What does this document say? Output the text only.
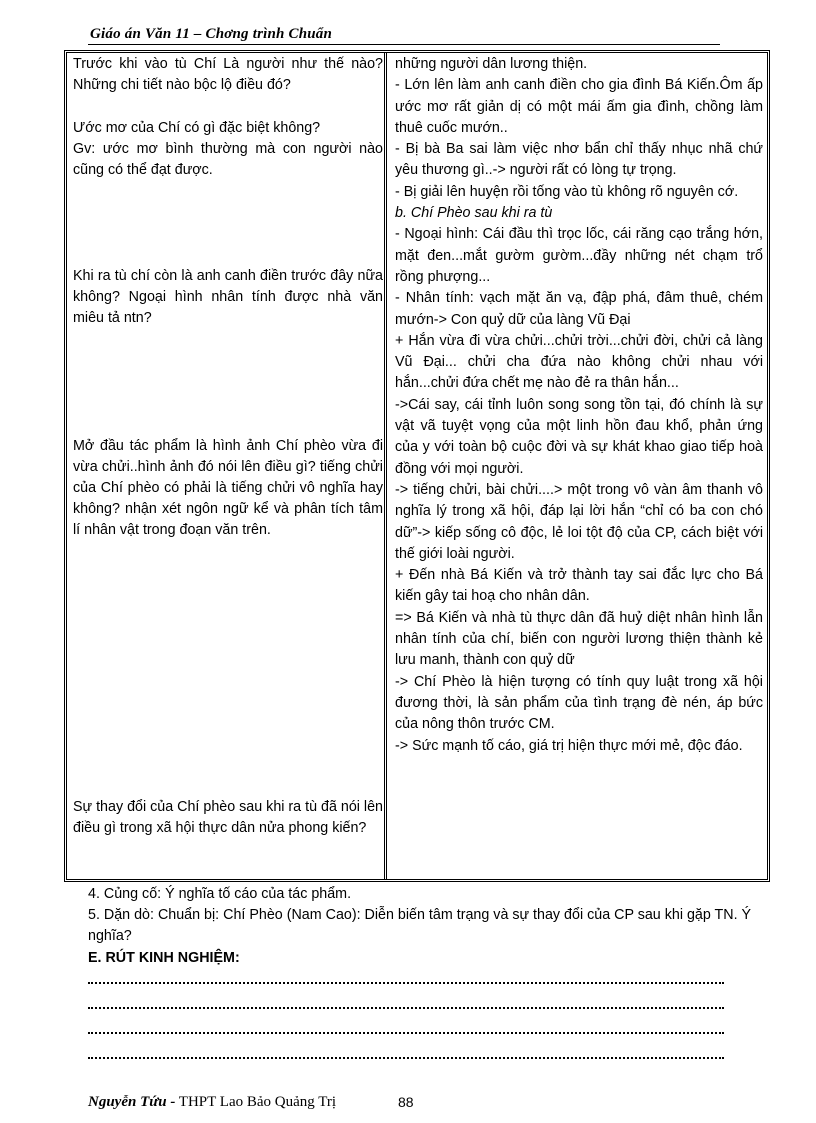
Giáo án Văn 11 – Chơng trình Chuẩn
Trước khi vào tù Chí Là người như thế nào? Những chi tiết nào bộc lộ điều đó?
Ước mơ của Chí có gì đặc biệt không?
Gv: ước mơ bình thường mà con người nào cũng có thể đạt được.
Khi ra tù chí còn là anh canh điền trước đây nữa không? Ngoại hình nhân tính được nhà văn miêu tả ntn?
Mở đầu tác phẩm là hình ảnh Chí phèo vừa đi vừa chửi..hình ảnh đó nói lên điều gì? tiếng chửi của Chí phèo có phải là tiếng chửi vô nghĩa hay không? nhận xét ngôn ngữ kể và phân tích tâm lí nhân vật trong đoạn văn trên.
Sự thay đổi của Chí phèo sau khi ra tù đã nói lên điều gì trong xã hội thực dân nửa phong kiến?

những người dân lương thiện.

- Lớn lên làm anh canh điền cho gia đình Bá Kiến.Ôm ấp ước mơ rất giản dị có một mái ấm gia đình, chồng làm thuê cuốc mướn..

- Bị bà Ba sai làm việc nhơ bẩn chỉ thấy nhục nhã chứ yêu thương gì..-> người rất có lòng tự trọng.

- Bị giải lên huyện rồi tống vào tù không rõ nguyên cớ.

b. Chí Phèo sau khi ra tù

- Ngoại hình: Cái đầu thì trọc lốc, cái răng cạo trắng hớn, mặt đen...mắt gườm gườm...đầy những nét chạm trổ rồng phượng...

- Nhân tính: vạch mặt ăn vạ, đập phá, đâm thuê, chém mướn-> Con quỷ dữ của làng Vũ Đại

+ Hắn vừa đi vừa chửi...chửi trời...chửi đời, chửi cả làng Vũ Đại... chửi cha đứa nào không chửi nhau với hắn...chửi đứa chết mẹ nào đẻ ra thân hắn...

->Cái say, cái tỉnh luôn song song tồn tại, đó chính là sự vật vã tuyệt vọng của một linh hồn đau khổ, phản ứng của y với toàn bộ cuộc đời và sự khát khao giao tiếp hoà đồng với mọi người.

-> tiếng chửi, bài chửi....> một trong vô vàn âm thanh vô nghĩa lý trong xã hội, đáp lại lời hắn “chỉ có ba con chó dữ”-> kiếp sống cô độc, lẻ loi tột độ của CP, cách biệt với thế giới loài người.

+ Đến nhà Bá Kiến và trở thành tay sai đắc lực cho Bá kiến gây tai hoạ cho nhân dân.

=> Bá Kiến và nhà tù thực dân đã huỷ diệt nhân hình lẫn nhân tính của chí, biến con người lương thiện thành kẻ lưu manh, thành con quỷ dữ

-> Chí Phèo là hiện tượng có tính quy luật trong xã hội đương thời, là sản phẩm của tình trạng đè nén, áp bức của nông thôn trước CM.

-> Sức mạnh tố cáo, giá trị hiện thực mới mẻ, độc đáo.

4. Củng cố: Ý nghĩa tố cáo của tác phẩm.
5. Dặn dò: Chuẩn bị: Chí Phèo (Nam Cao): Diễn biến tâm trạng và sự thay đổi của CP sau khi gặp TN. Ý nghĩa?
E. RÚT KINH NGHIỆM:
Nguyễn Tứu - THPT Lao Bảo Quảng Trị	88
